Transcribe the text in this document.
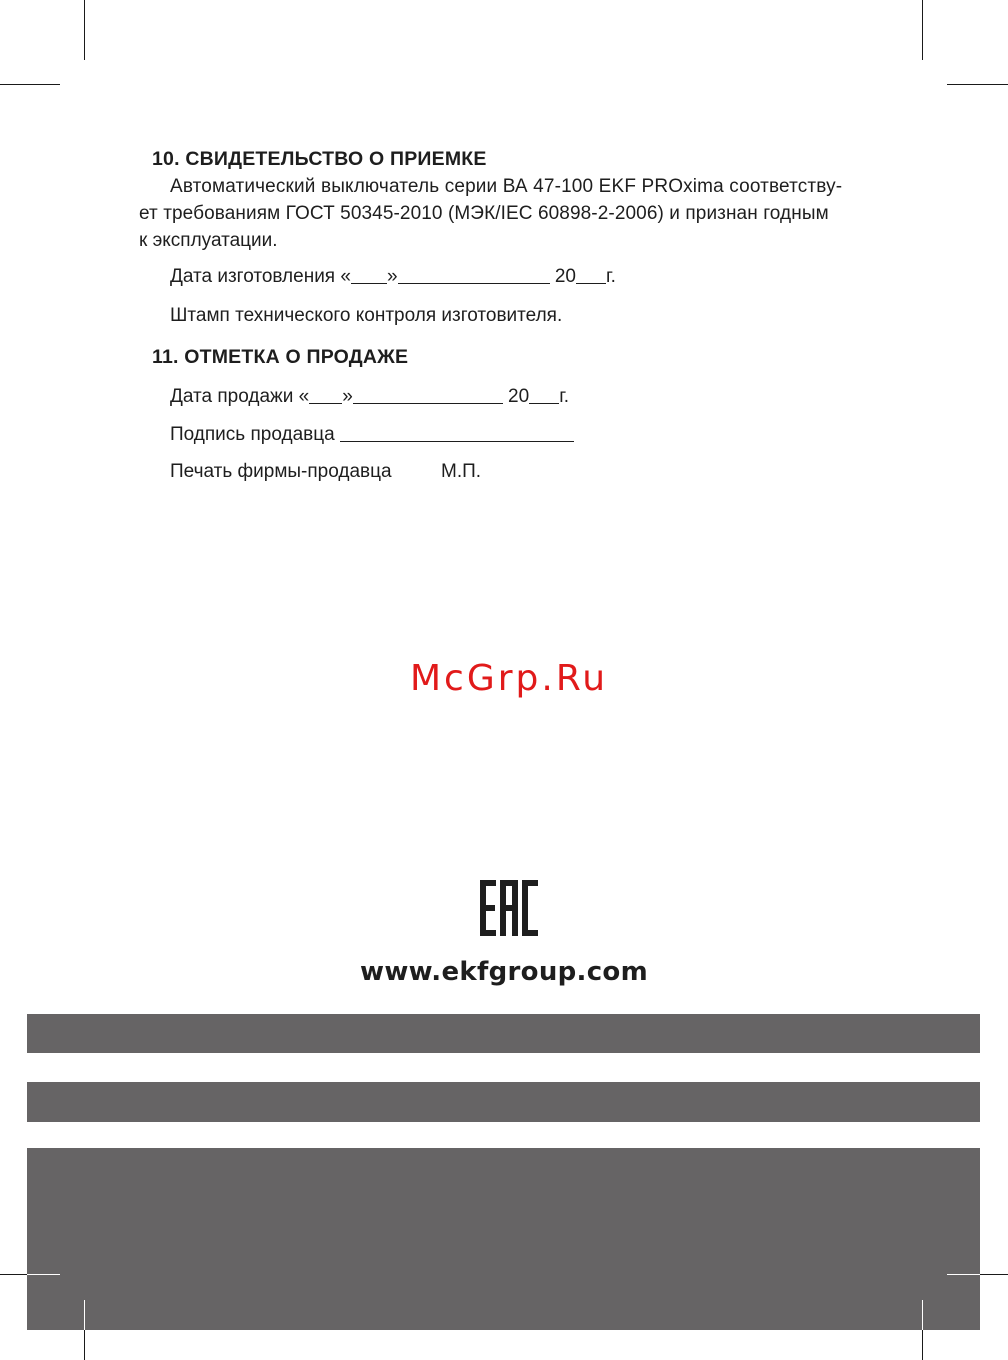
10. СВИДЕТЕЛЬСТВО О ПРИЕМКЕ
Автоматический выключатель серии ВА 47-100 EKF PROxima соответству-
ет требованиям ГОСТ 50345-2010 (МЭК/IEC 60898-2-2006) и признан годным
к эксплуатации.
Дата изготовления « »	20 г.
Штамп технического контроля изготовителя.
11. ОТМЕТКА О ПРОДАЖЕ
Дата продажи « »	20 г.
Подпись продавца
Печать фирмы-продавца	М.П.
McGrp.Ru
www.ekfgroup.com
